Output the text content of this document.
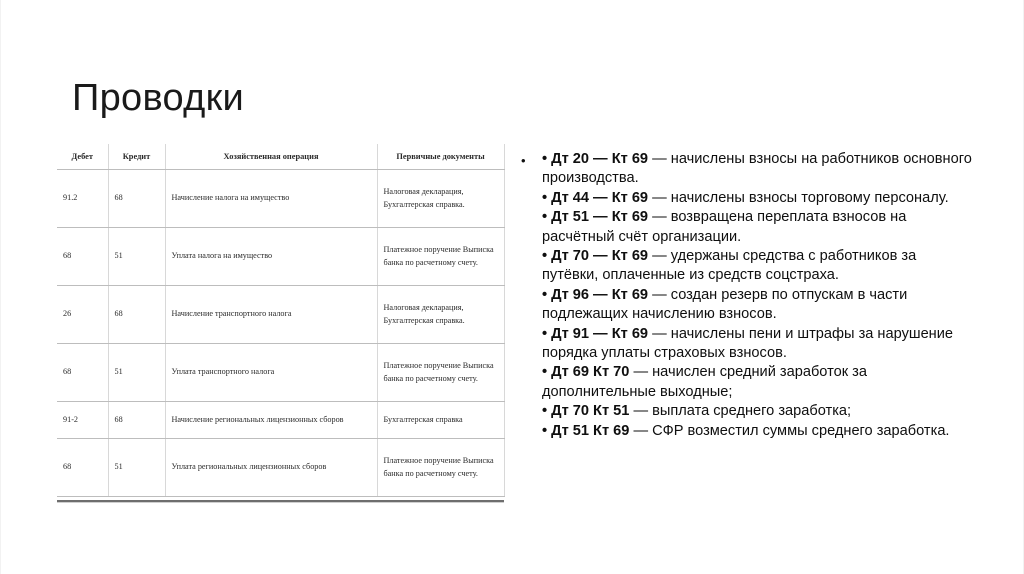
Проводки
Дебет	Кредит	Хозяйственная операция	Первичные документы
91.2	68	Начисление налога на имущество	Налоговая декларация, Бухгалтерская справка.
68	51	Уплата налога на имущество	Платежное поручение Выписка банка по расчетному счету.
26	68	Начисление транспортного налога	Налоговая декларация, Бухгалтерская справка.
68	51	Уплата транспортного налога	Платежное поручение Выписка банка по расчетному счету.
91-2	68	Начисление региональных лицензионных сборов	Бухгалтерская справка
68	51	Уплата региональных лицензионных сборов	Платежное поручение Выписка банка по расчетному счету.
•	• Дт 20 — Кт 69 — начислены взносы на работников основного производства.
• Дт 44 — Кт 69 — начислены взносы торговому персоналу.
• Дт 51 — Кт 69 — возвращена переплата взносов на расчётный счёт организации.
• Дт 70 — Кт 69 — удержаны средства с работников за путёвки, оплаченные из средств соцстраха.
• Дт 96 — Кт 69 — создан резерв по отпускам в части подлежащих начислению взносов.
• Дт 91 — Кт 69 — начислены пени и штрафы за нарушение порядка уплаты страховых взносов.
• Дт 69 Кт 70 — начислен средний заработок за дополнительные выходные;
• Дт 70 Кт 51 — выплата среднего заработка;
• Дт 51 Кт 69 — СФР возместил суммы среднего заработка.
